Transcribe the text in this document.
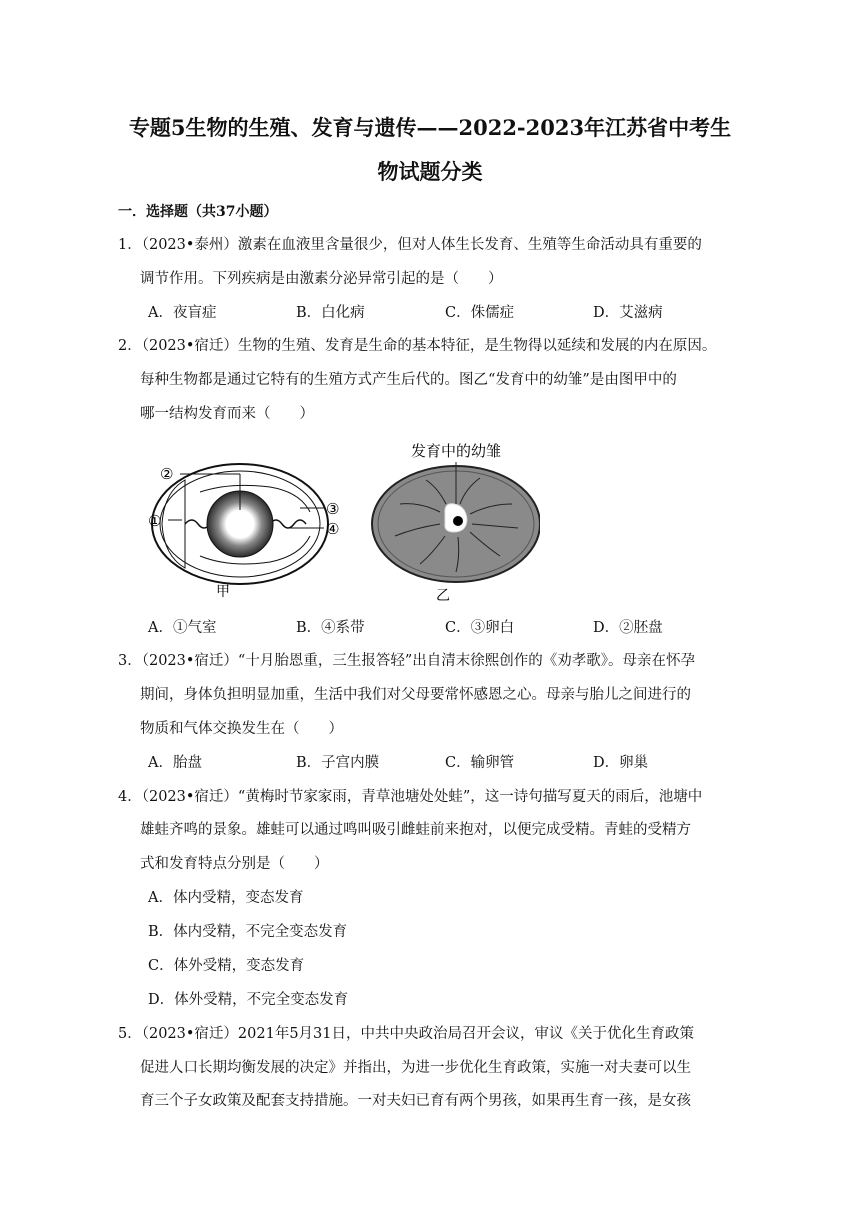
专题5生物的生殖、发育与遗传——2022-2023年江苏省中考生
物试题分类
一．选择题（共37小题）
1．（2023•泰州）激素在血液里含量很少，但对人体生长发育、生殖等生命活动具有重要的
调节作用。下列疾病是由激素分泌异常引起的是（　　）
A．夜盲症	B．白化病	C．侏儒症	D．艾滋病
2．（2023•宿迁）生物的生殖、发育是生命的基本特征，是生物得以延续和发展的内在原因。
每种生物都是通过它特有的生殖方式产生后代的。图乙“发育中的幼雏”是由图甲中的
哪一结构发育而来（　　）
②
①
③
④
甲
发育中的幼雏
乙
A．①气室	B．④系带	C．③卵白	D．②胚盘
3．（2023•宿迁）“十月胎恩重，三生报答轻”出自清末徐熙创作的《劝孝歌》。母亲在怀孕
期间，身体负担明显加重，生活中我们对父母要常怀感恩之心。母亲与胎儿之间进行的
物质和气体交换发生在（　　）
A．胎盘	B．子宫内膜	C．输卵管	D．卵巢
4．（2023•宿迁）“黄梅时节家家雨，青草池塘处处蛙”，这一诗句描写夏天的雨后，池塘中
雄蛙齐鸣的景象。雄蛙可以通过鸣叫吸引雌蛙前来抱对，以便完成受精。青蛙的受精方
式和发育特点分别是（　　）
A．体内受精，变态发育
B．体内受精，不完全变态发育
C．体外受精，变态发育
D．体外受精，不完全变态发育
5．（2023•宿迁）2021年5月31日，中共中央政治局召开会议，审议《关于优化生育政策
促进人口长期均衡发展的决定》并指出，为进一步优化生育政策，实施一对夫妻可以生
育三个子女政策及配套支持措施。一对夫妇已育有两个男孩，如果再生育一孩，是女孩
